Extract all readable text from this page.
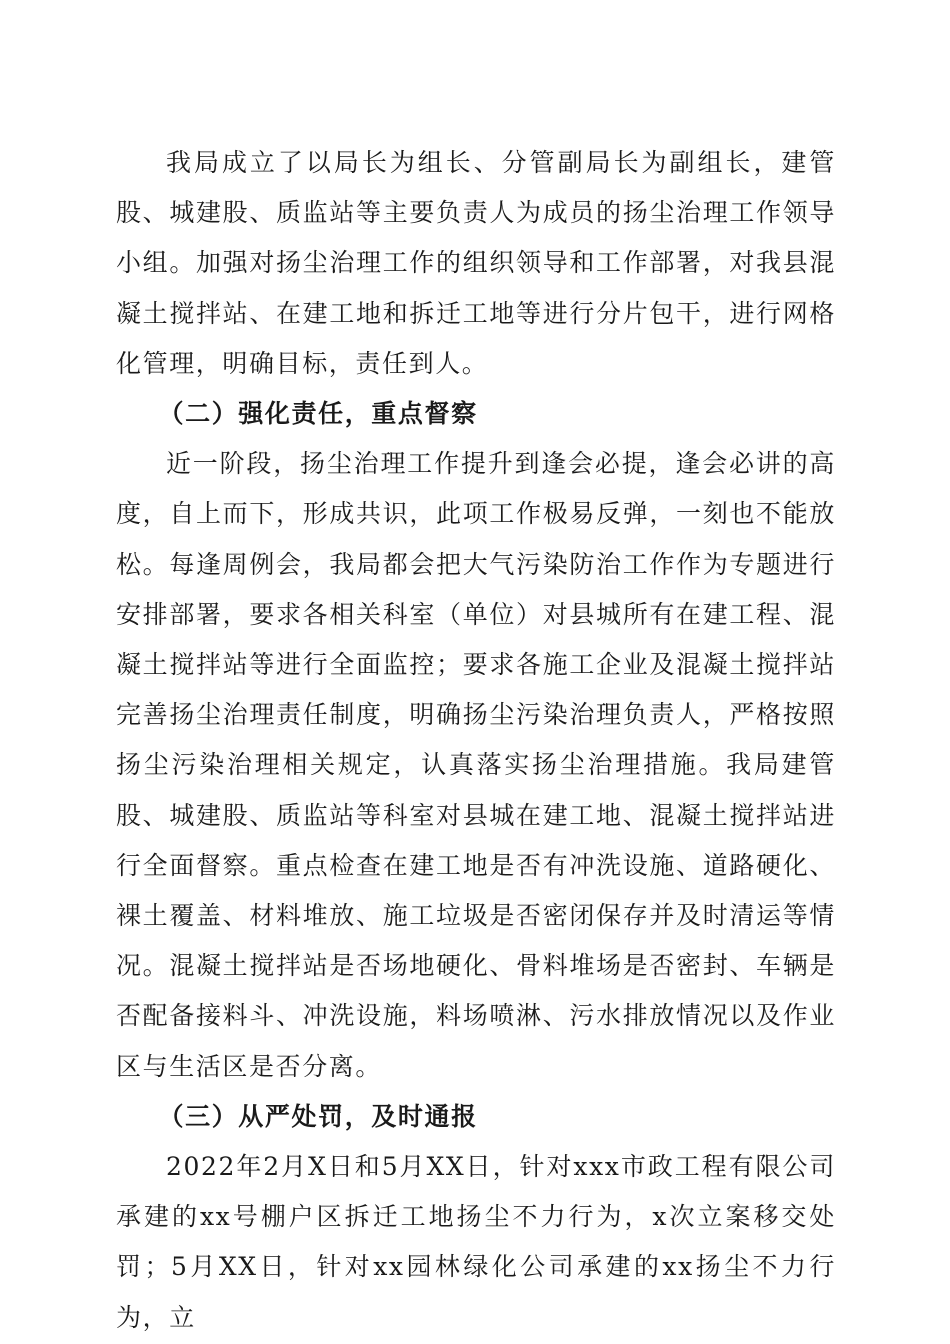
我局成立了以局长为组长、分管副局长为副组长，建管股、城建股、质监站等主要负责人为成员的扬尘治理工作领导小组。加强对扬尘治理工作的组织领导和工作部署，对我县混凝土搅拌站、在建工地和拆迁工地等进行分片包干，进行网格化管理，明确目标，责任到人。

（二）强化责任，重点督察

近一阶段，扬尘治理工作提升到逢会必提，逢会必讲的高度，自上而下，形成共识，此项工作极易反弹，一刻也不能放松。每逢周例会，我局都会把大气污染防治工作作为专题进行安排部署，要求各相关科室（单位）对县城所有在建工程、混凝土搅拌站等进行全面监控；要求各施工企业及混凝土搅拌站完善扬尘治理责任制度，明确扬尘污染治理负责人，严格按照扬尘污染治理相关规定，认真落实扬尘治理措施。我局建管股、城建股、质监站等科室对县城在建工地、混凝土搅拌站进行全面督察。重点检查在建工地是否有冲洗设施、道路硬化、裸土覆盖、材料堆放、施工垃圾是否密闭保存并及时清运等情况。混凝土搅拌站是否场地硬化、骨料堆场是否密封、车辆是否配备接料斗、冲洗设施，料场喷淋、污水排放情况以及作业区与生活区是否分离。

（三）从严处罚，及时通报

2022年2月X日和5月XX日，针对xxx市政工程有限公司承建的xx号棚户区拆迁工地扬尘不力行为，x次立案移交处罚；5月XX日，针对xx园林绿化公司承建的xx扬尘不力行为，立
